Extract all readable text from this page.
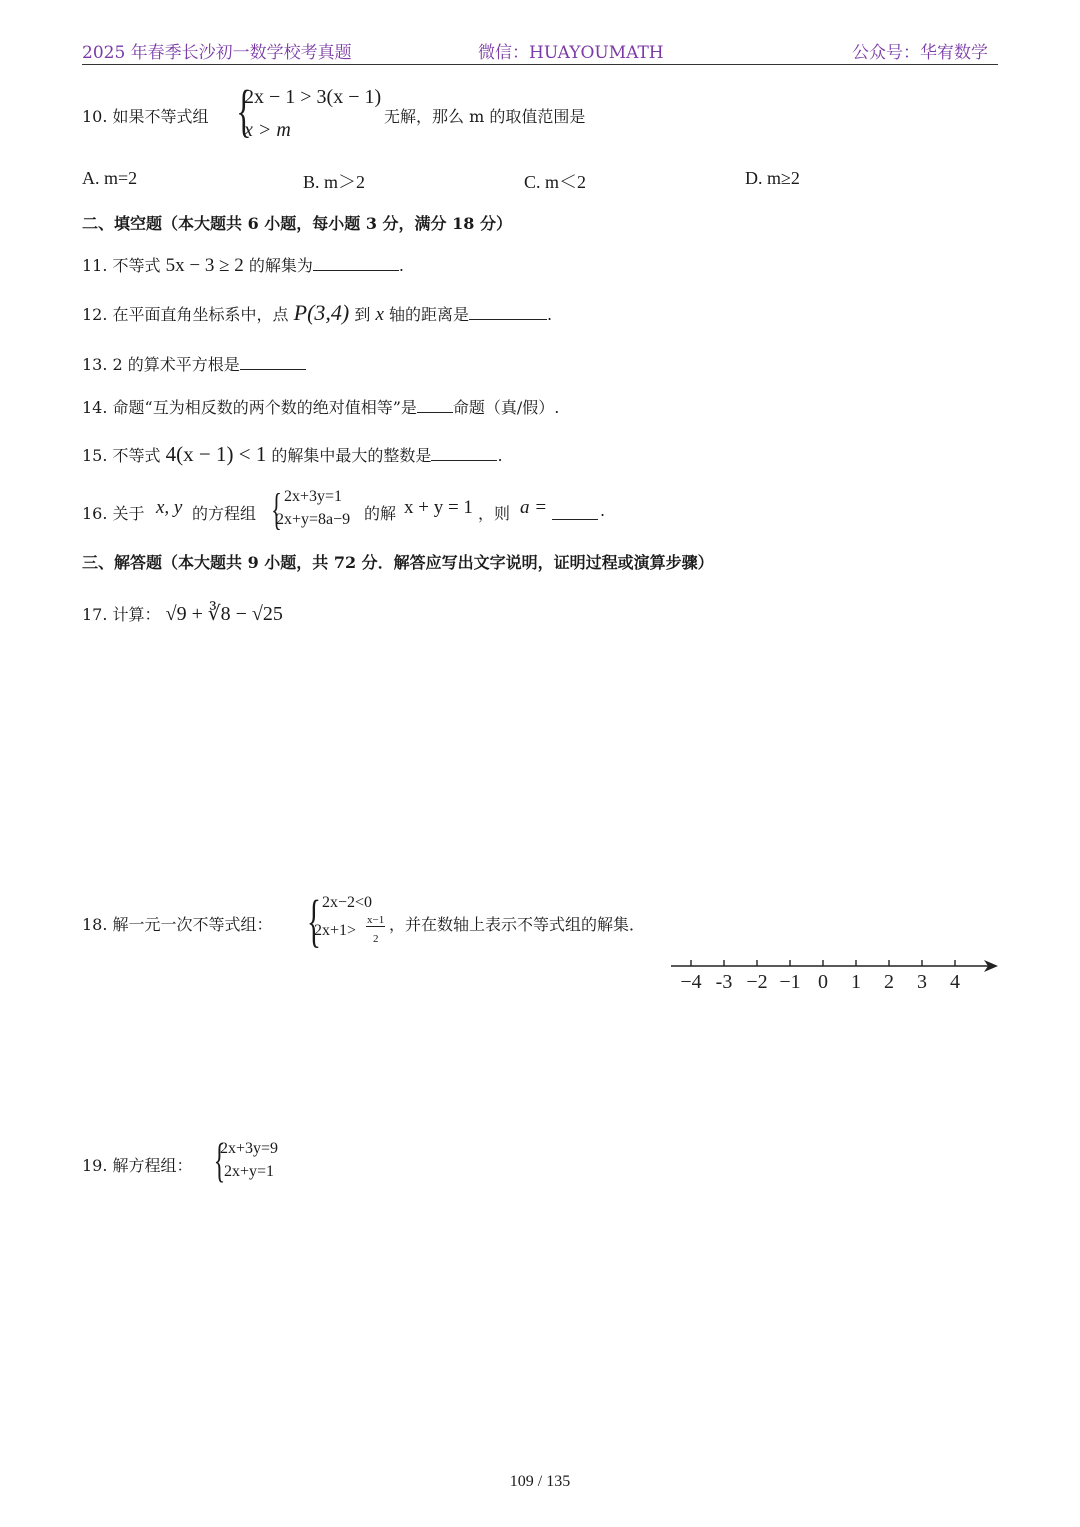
2025 年春季长沙初一数学校考真题	微信：HUAYOUMATH	公众号：华宥数学
10. 如果不等式组 {
2x − 1 > 3(x − 1)
x > m
无解，那么 m 的取值范围是
A. m=2	B. m＞2	C. m＜2	D. m≥2
二、填空题（本大题共 6 小题，每小题 3 分，满分 18 分）
11. 不等式 5x − 3 ≥ 2 的解集为	.
12. 在平面直角坐标系中，点 P(3,4) 到 x 轴的距离是	.
13. 2 的算术平方根是
14. 命题“互为相反数的两个数的绝对值相等”是 命题（真/假）.
15. 不等式 4(x − 1) < 1 的解集中最大的整数是	.
16. 关于 x, y 的方程组 { 2x+3y=1
2x+y=8a−9 的解 x + y = 1 ，则 a =	.
三、解答题（本大题共 9 小题，共 72 分．解答应写出文字说明，证明过程或演算步骤）
17. 计算： √9 + ∛8 − √25
18. 解一元一次不等式组： { 2x−2<0
2x+1>
x−1
2
，并在数轴上表示不等式组的解集．
−4 -3 −2 −1 0 1 2 3 4
19. 解方程组： {
2x+3y=9
2x+y=1
109 / 135
